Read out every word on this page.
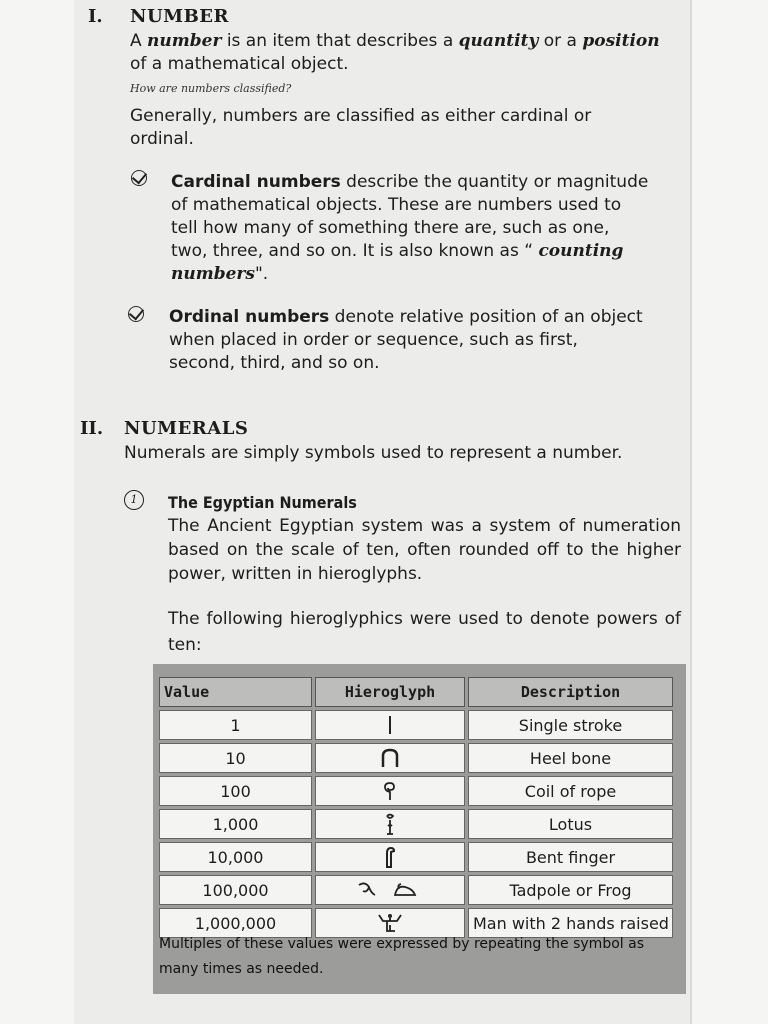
I. NUMBER
A number is an item that describes a quantity or a position of a mathematical object.
How are numbers classified?
Generally, numbers are classified as either cardinal or ordinal.
Cardinal numbers describe the quantity or magnitude of mathematical objects. These are numbers used to tell how many of something there are, such as one, two, three, and so on. It is also known as “ counting numbers".
Ordinal numbers denote relative position of an object when placed in order or sequence, such as first, second, third, and so on.
II. NUMERALS
Numerals are simply symbols used to represent a number.
1	The Egyptian Numerals
The Ancient Egyptian system was a system of numeration based on the scale of ten, often rounded off to the higher power, written in hieroglyphs.
The following hieroglyphics were used to denote powers of ten:
Value	Hieroglyph	Description
1		Single stroke
10		Heel bone
100		Coil of rope
1,000		Lotus
10,000		Bent finger
100,000		Tadpole or Frog
1,000,000		Man with 2 hands raised
Multiples of these values were expressed by repeating the symbol as many times as needed.
